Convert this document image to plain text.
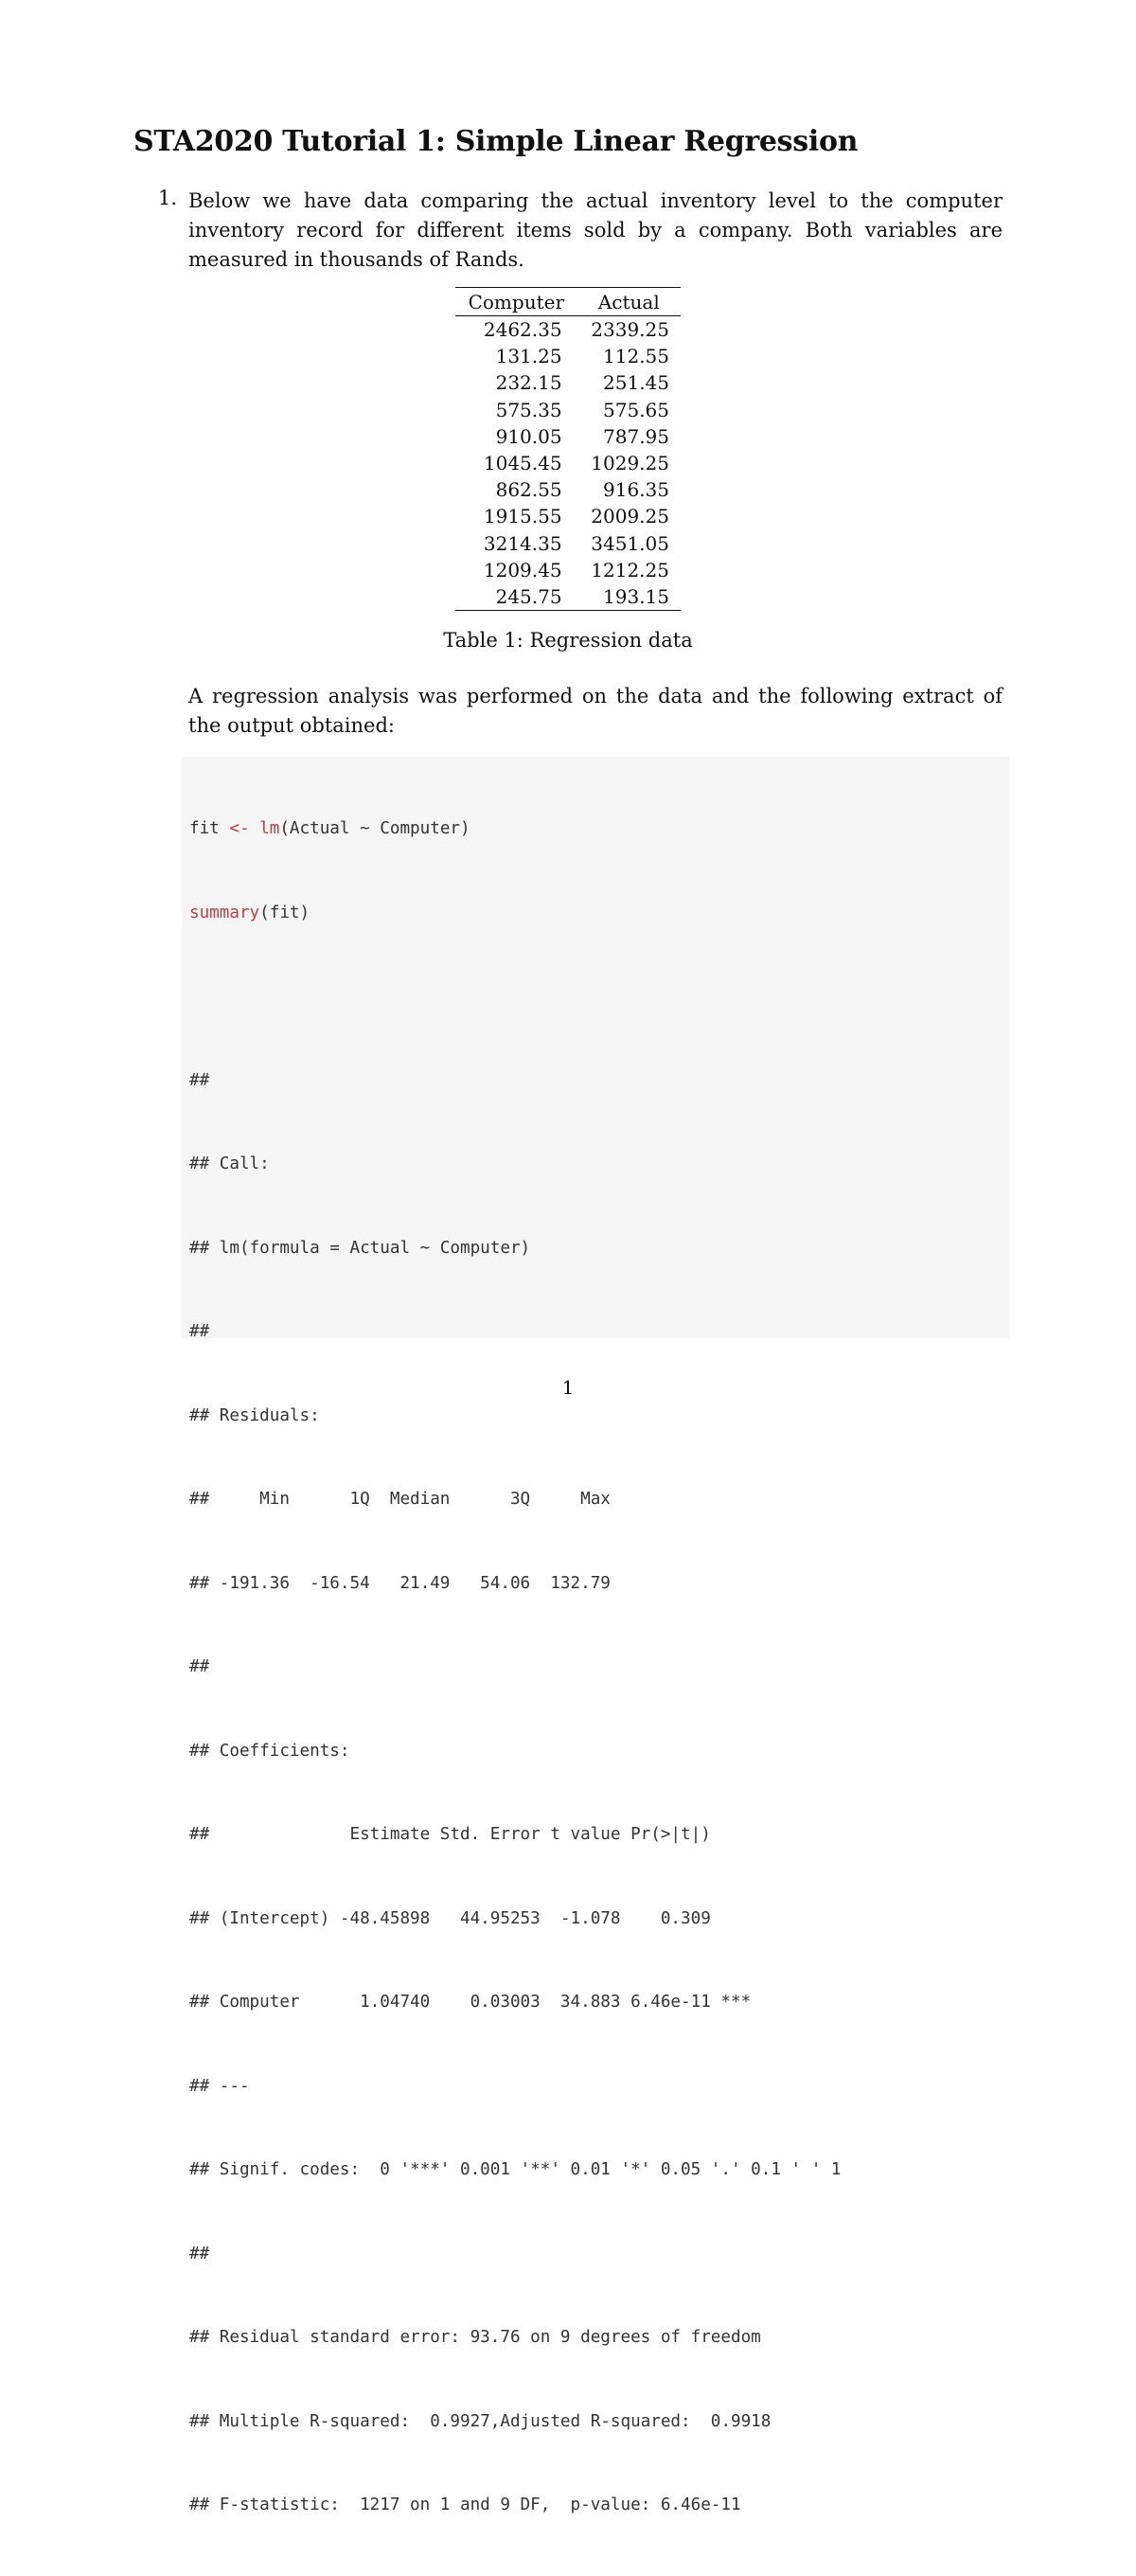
STA2020 Tutorial 1: Simple Linear Regression
1. Below we have data comparing the actual inventory level to the computer inventory record for different items sold by a company. Both variables are measured in thousands of Rands.
Computer	Actual
2462.35	2339.25
131.25	112.55
232.15	251.45
575.35	575.65
910.05	787.95
1045.45	1029.25
862.55	916.35
1915.55	2009.25
3214.35	3451.05
1209.45	1212.25
245.75	193.15
Table 1: Regression data
A regression analysis was performed on the data and the following extract of the output obtained:

fit <- lm(Actual ~ Computer)

summary(fit)

##

## Call:

## lm(formula = Actual ~ Computer)

##

## Residuals:

##     Min      1Q  Median      3Q     Max

## -191.36  -16.54   21.49   54.06  132.79

##

## Coefficients:

##              Estimate Std. Error t value Pr(>|t|)

## (Intercept) -48.45898   44.95253  -1.078    0.309

## Computer      1.04740    0.03003  34.883 6.46e-11 ***

## ---

## Signif. codes:  0 '***' 0.001 '**' 0.01 '*' 0.05 '.' 0.1 ' ' 1

##

## Residual standard error: 93.76 on 9 degrees of freedom

## Multiple R-squared:  0.9927,Adjusted R-squared:  0.9918

## F-statistic:  1217 on 1 and 9 DF,  p-value: 6.46e-11

1
